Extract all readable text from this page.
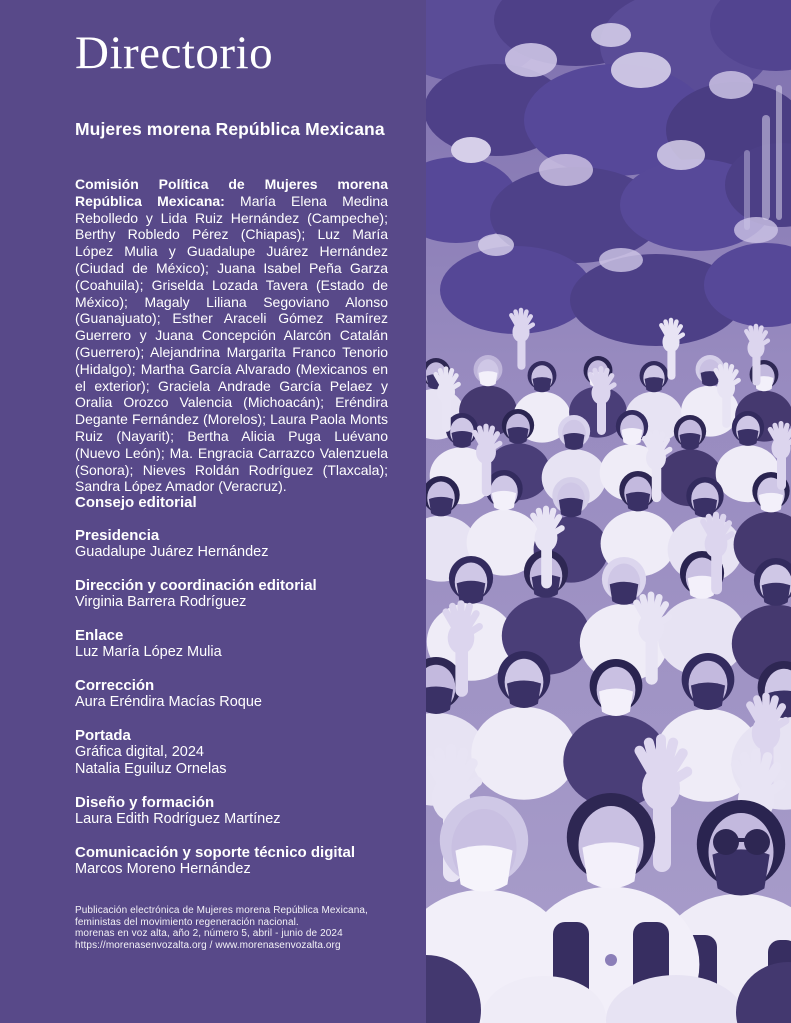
Directorio
Mujeres morena República Mexicana

Comisión Política de Mujeres morena República Mexicana: María Elena Medina Rebolledo y Lida Ruiz Hernández (Campeche); Berthy Robledo Pérez (Chiapas); Luz María López Mulia y Guadalupe Juárez Hernández (Ciudad de México); Juana Isabel Peña Garza (Coahuila); Griselda Lozada Tavera (Estado de México); Magaly Liliana Segoviano Alonso (Guanajuato); Esther Araceli Gómez Ramírez Guerrero y Juana Concepción Alarcón Catalán (Guerrero); Alejandrina Margarita Franco Tenorio (Hidalgo); Martha García Alvarado (Mexicanos en el exterior); Graciela Andrade García Pelaez y Oralia Orozco Valencia (Michoacán); Eréndira Degante Fernández (Morelos); Laura Paola Monts Ruiz (Nayarit); Bertha Alicia Puga Luévano (Nuevo León); Ma. Engracia Carrazco Valenzuela (Sonora); Nieves Roldán Rodríguez (Tlaxcala); Sandra López Amador (Veracruz).

Consejo editorial
Presidencia
Guadalupe Juárez Hernández
Dirección y coordinación editorial
Virginia Barrera Rodríguez
Enlace
Luz María López Mulia
Corrección
Aura Eréndira Macías Roque
Portada
Gráfica digital, 2024
Natalia Eguiluz Ornelas
Diseño y formación
Laura Edith Rodríguez Martínez
Comunicación y soporte técnico digital
Marcos Moreno Hernández
Publicación electrónica de Mujeres morena República Mexicana,
feministas del movimiento regeneración nacional.
morenas en voz alta, año 2, número 5, abril - junio de 2024
https://morenasenvozalta.org / www.morenasenvozalta.org
